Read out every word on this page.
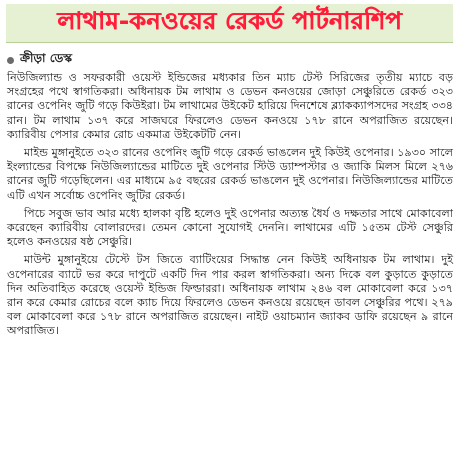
লাথাম-কনওয়ের রেকর্ড পার্টনারশিপ
ক্রীড়া ডেস্ক

নিউজিল্যান্ড ও সফরকারী ওয়েস্ট ইন্ডিজের মধ্যকার তিন ম্যাচ টেস্ট সিরিজের তৃতীয় ম্যাচে বড় সংগ্রহের পথে স্বাগতিকরা। অধিনায়ক টম লাথাম ও ডেভন কনওয়ের জোড়া সেঞ্চুরিতে রেকর্ড ৩২৩ রানের ওপেনিং জুটি গড়ে কিউইরা। টম লাথামের উইকেট হারিয়ে দিনশেষে ব্ল্যাকক্যাপসদের সংগ্রহ ৩৩৪ রান। টম লাথাম ১৩৭ করে সাজঘরে ফিরলেও ডেভন কনওয়ে ১৭৮ রানে অপরাজিত রয়েছেন। ক্যারিবীয় পেসার কেমার রোচ একমাত্র উইকেটটি নেন।

মাইন্ড মুঙ্গানুইতে ৩২৩ রানের ওপেনিং জুটি গড়ে রেকর্ড ভাঙলেন দুই কিউই ওপেনার। ১৯৩০ সালে ইংল্যান্ডের বিপক্ষে নিউজিল্যান্ডের মাটিতে দুই ওপেনার স্টিউ ড্যাম্পস্টার ও জ্যাকি মিলস মিলে ২৭৬ রানের জুটি গড়েছিলেন। এর মাধ্যমে ৯৫ বছরের রেকর্ড ভাঙলেন দুই ওপেনার। নিউজিল্যান্ডের মাটিতে এটি এখন সর্বোচ্চ ওপেনিং জুটির রেকর্ড।

পিচে সবুজ ভাব আর মধ্যে হালকা বৃষ্টি হলেও দুই ওপেনার অত্যন্ত ধৈর্য ও দক্ষতার সাথে মোকাবেলা করেছেন ক্যারিবীয় বোলারদের। তেমন কোনো সুযোগই দেননি। লাথামের এটি ১৫তম টেস্ট সেঞ্চুরি হলেও কনওয়ের ষষ্ঠ সেঞ্চুরি।

মাউন্ট মুঙ্গানুইয়ে টেস্টে টস জিতে ব্যাটিংয়ের সিদ্ধান্ত নেন কিউই অধিনায়ক টম লাথাম। দুই ওপেনারের ব্যাটে ভর করে দাপুটে একটি দিন পার করল স্বাগতিকরা। অন্য দিকে বল কুড়াতে কুড়াতে দিন অতিবাহিত করেছে ওয়েস্ট ইন্ডিজ ফিল্ডাররা। অধিনায়ক লাথাম ২৪৬ বল মোকাবেলা করে ১৩৭ রান করে কেমার রোচের বলে ক্যাচ দিয়ে ফিরলেও ডেভন কনওয়ে রয়েছেন ডাবল সেঞ্চুরির পথে। ২৭৯ বল মোকাবেলা করে ১৭৮ রানে অপরাজিত রয়েছেন। নাইট ওয়াচম্যান জ্যাকব ডাফি রয়েছেন ৯ রানে অপরাজিত।
